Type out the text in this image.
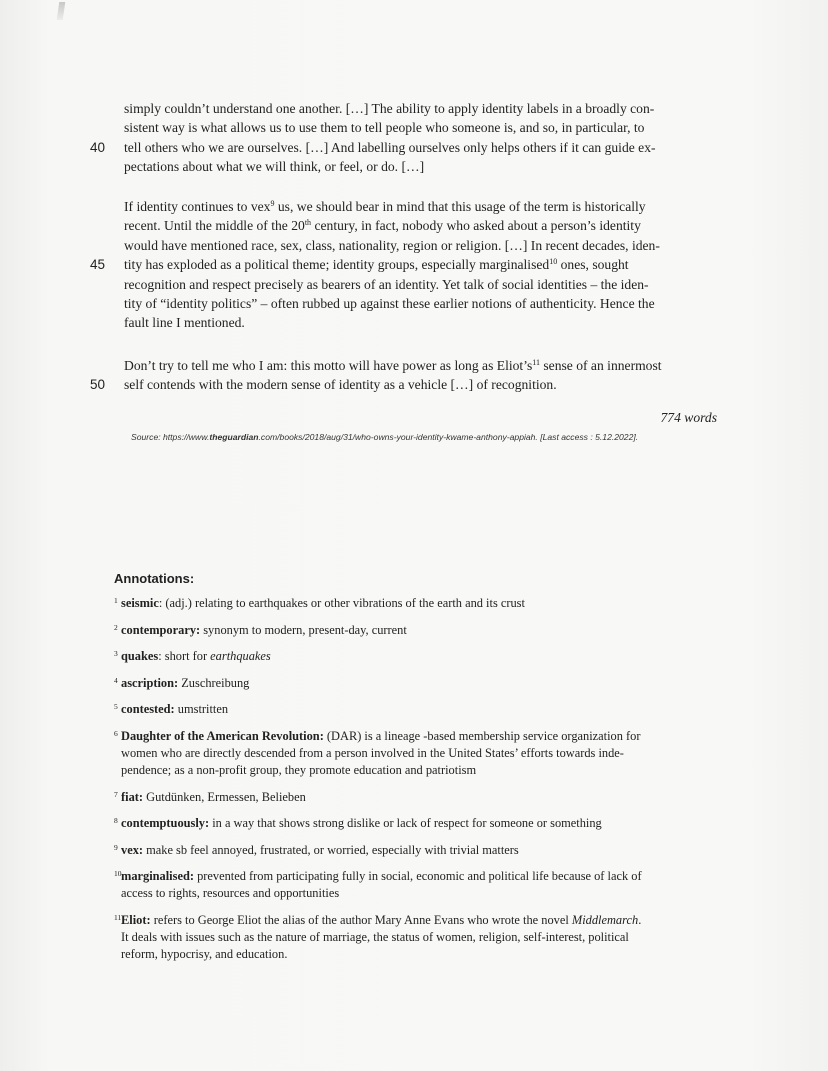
simply couldn’t understand one another. […] The ability to apply identity labels in a broadly con-
sistent way is what allows us to use them to tell people who someone is, and so, in particular, to
40	tell others who we are ourselves. […] And labelling ourselves only helps others if it can guide ex-
pectations about what we will think, or feel, or do. […]
If identity continues to vex$^9$ us, we should bear in mind that this usage of the term is historically
recent. Until the middle of the 20th century, in fact, nobody who asked about a person’s identity
would have mentioned race, sex, class, nationality, region or religion. […] In recent decades, iden-
45	tity has exploded as a political theme; identity groups, especially marginalised$^{10}$ ones, sought
recognition and respect precisely as bearers of an identity. Yet talk of social identities – the iden-
tity of “identity politics” – often rubbed up against these earlier notions of authenticity. Hence the
fault line I mentioned.
Don’t try to tell me who I am: this motto will have power as long as $Eliot’s^{11}$ sense of an innermost
50	self contends with the modern sense of identity as a vehicle […] of recognition.
774 words
Source: https://www.theguardian.com/books/2018/aug/31/who-owns-your-identity-kwame-anthony-appiah. [Last access : 5.12.2022].
Annotations:
1 seismic: (adj.) relating to earthquakes or other vibrations of the earth and its crust
2 contemporary: synonym to modern, present-day, current
3 quakes: short for earthquakes
4 ascription: Zuschreibung
5 contested: umstritten
6 Daughter of the American Revolution: (DAR) is a lineage -based membership service organization for
women who are directly descended from a person involved in the United States’ efforts towards inde-
pendence; as a non-profit group, they promote education and patriotism
7 fiat: Gutdünken, Ermessen, Belieben
8 contemptuously: in a way that shows strong dislike or lack of respect for someone or something
9 vex: make sb feel annoyed, frustrated, or worried, especially with trivial matters
10 marginalised: prevented from participating fully in social, economic and political life because of lack of
access to rights, resources and opportunities
11 Eliot: refers to George Eliot the alias of the author Mary Anne Evans who wrote the novel Middlemarch.
It deals with issues such as the nature of marriage, the status of women, religion, self-interest, political
reform, hypocrisy, and education.
